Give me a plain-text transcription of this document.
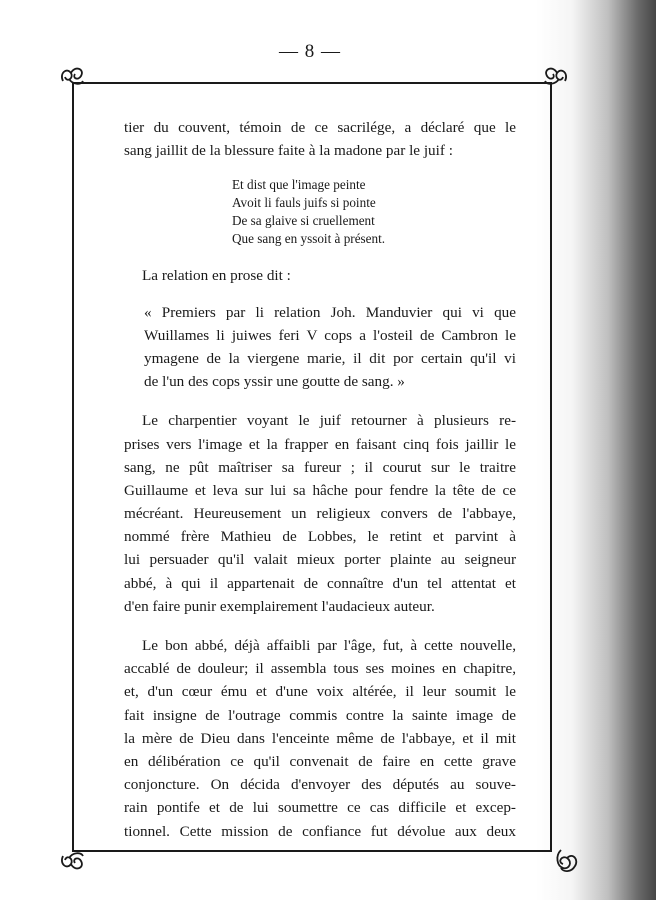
— 8 —

tier du couvent, témoin de ce sacrilége, a déclaré que le
sang jaillit de la blessure faite à la madone par le juif :

Et dist que l'image peinte
Avoit li fauls juifs si pointe
De sa glaive si cruellement
Que sang en yssoit à présent.

La relation en prose dit :

« Premiers par li relation Joh. Manduvier qui vi que
Wuillames li juiwes feri V cops a l'osteil de Cambron le
ymagene de la viergene marie, il dit por certain qu'il vi
de l'un des cops yssir une goutte de sang. »

Le charpentier voyant le juif retourner à plusieurs re-
prises vers l'image et la frapper en faisant cinq fois jaillir le
sang, ne pût maîtriser sa fureur ; il courut sur le traitre
Guillaume et leva sur lui sa hâche pour fendre la tête de ce
mécréant. Heureusement un religieux convers de l'abbaye,
nommé frère Mathieu de Lobbes, le retint et parvint à
lui persuader qu'il valait mieux porter plainte au seigneur
abbé, à qui il appartenait de connaître d'un tel attentat et
d'en faire punir exemplairement l'audacieux auteur.

Le bon abbé, déjà affaibli par l'âge, fut, à cette nouvelle,
accablé de douleur; il assembla tous ses moines en chapitre,
et, d'un cœur ému et d'une voix altérée, il leur soumit le
fait insigne de l'outrage commis contre la sainte image de
la mère de Dieu dans l'enceinte même de l'abbaye, et il mit
en délibération ce qu'il convenait de faire en cette grave
conjoncture. On décida d'envoyer des députés au souve-
rain pontife et de lui soumettre ce cas difficile et excep-
tionnel. Cette mission de confiance fut dévolue aux deux
